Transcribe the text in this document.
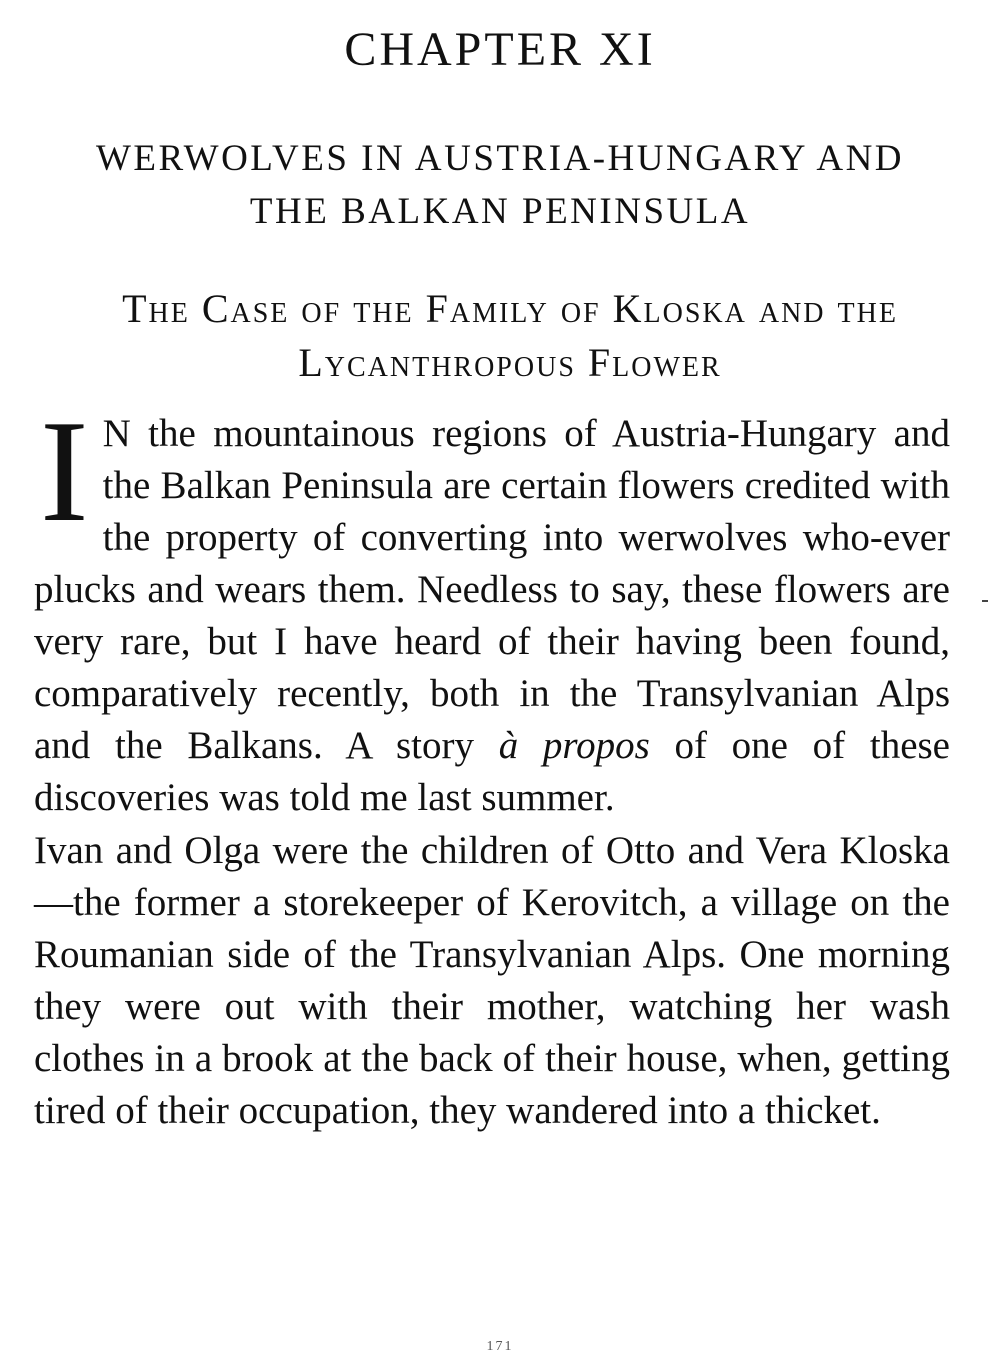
CHAPTER XI
WERWOLVES IN AUSTRIA-HUNGARY AND THE BALKAN PENINSULA
The Case of the Family of Kloska and the Lycanthropous Flower

I N the mountainous regions of Austria-Hungary and the Balkan Peninsula are certain flowers credited with the property of converting into werwolves who-ever plucks and wears them. Needless to say, these flowers are very rare, but I have heard of their having been found, comparatively recently, both in the Transylvanian Alps and the Balkans. A story à propos of one of these discoveries was told me last summer.

Ivan and Olga were the children of Otto and Vera Kloska—the former a storekeeper of Kerovitch, a village on the Roumanian side of the Transylvanian Alps. One morning they were out with their mother, watching her wash clothes in a brook at the back of their house, when, getting tired of their occupation, they wandered into a thicket.

171
